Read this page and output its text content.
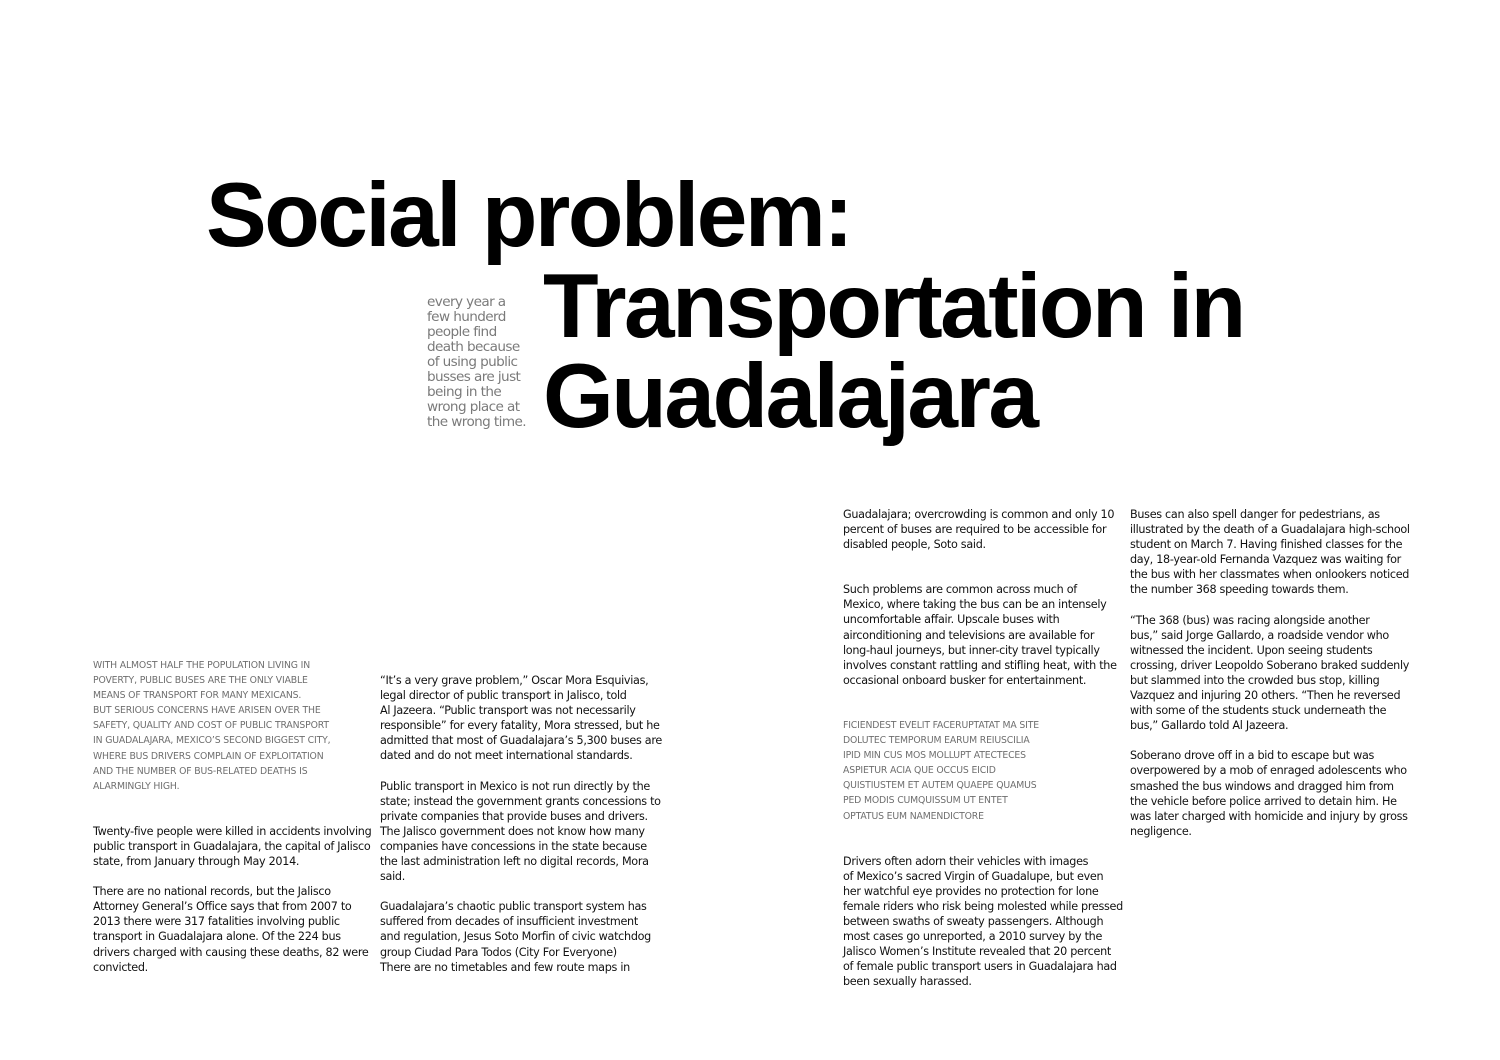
Social problem:
Transportation in
Guadalajara
every year a
few hunderd
people find
death because
of using public
busses are just
being in the
wrong place at
the wrong time.
WITH ALMOST HALF THE POPULATION LIVING IN
POVERTY, PUBLIC BUSES ARE THE ONLY VIABLE
MEANS OF TRANSPORT FOR MANY MEXICANS.
BUT SERIOUS CONCERNS HAVE ARISEN OVER THE
SAFETY, QUALITY AND COST OF PUBLIC TRANSPORT
IN GUADALAJARA, MEXICO’S SECOND BIGGEST CITY,
WHERE BUS DRIVERS COMPLAIN OF EXPLOITATION
AND THE NUMBER OF BUS-RELATED DEATHS IS
ALARMINGLY HIGH.

Twenty-five people were killed in accidents involving
public transport in Guadalajara, the capital of Jalisco
state, from January through May 2014.

There are no national records, but the Jalisco
Attorney General’s Office says that from 2007 to
2013 there were 317 fatalities involving public
transport in Guadalajara alone. Of the 224 bus
drivers charged with causing these deaths, 82 were
convicted.

“It’s a very grave problem,” Oscar Mora Esquivias,
legal director of public transport in Jalisco, told
Al Jazeera. “Public transport was not necessarily
responsible” for every fatality, Mora stressed, but he
admitted that most of Guadalajara’s 5,300 buses are
dated and do not meet international standards.

Public transport in Mexico is not run directly by the
state; instead the government grants concessions to
private companies that provide buses and drivers.
The Jalisco government does not know how many
companies have concessions in the state because
the last administration left no digital records, Mora
said.

Guadalajara’s chaotic public transport system has
suffered from decades of insufficient investment
and regulation, Jesus Soto Morfin of civic watchdog
group Ciudad Para Todos (City For Everyone)
There are no timetables and few route maps in

Guadalajara; overcrowding is common and only 10
percent of buses are required to be accessible for
disabled people, Soto said.

Such problems are common across much of
Mexico, where taking the bus can be an intensely
uncomfortable affair. Upscale buses with
airconditioning and televisions are available for
long-haul journeys, but inner-city travel typically
involves constant rattling and stifling heat, with the
occasional onboard busker for entertainment.

FICIENDEST EVELIT FACERUPTATAT MA SITE
DOLUTEC TEMPORUM EARUM REIUSCILIA
IPID MIN CUS MOS MOLLUPT ATECTECES
ASPIETUR ACIA QUE OCCUS EICID
QUISTIUSTEM ET AUTEM QUAEPE QUAMUS
PED MODIS CUMQUISSUM UT ENTET
OPTATUS EUM NAMENDICTORE

Drivers often adorn their vehicles with images
of Mexico’s sacred Virgin of Guadalupe, but even
her watchful eye provides no protection for lone
female riders who risk being molested while pressed
between swaths of sweaty passengers. Although
most cases go unreported, a 2010 survey by the
Jalisco Women’s Institute revealed that 20 percent
of female public transport users in Guadalajara had
been sexually harassed.

Buses can also spell danger for pedestrians, as
illustrated by the death of a Guadalajara high-school
student on March 7. Having finished classes for the
day, 18-year-old Fernanda Vazquez was waiting for
the bus with her classmates when onlookers noticed
the number 368 speeding towards them.

“The 368 (bus) was racing alongside another
bus,” said Jorge Gallardo, a roadside vendor who
witnessed the incident. Upon seeing students
crossing, driver Leopoldo Soberano braked suddenly
but slammed into the crowded bus stop, killing
Vazquez and injuring 20 others. “Then he reversed
with some of the students stuck underneath the
bus,” Gallardo told Al Jazeera.

Soberano drove off in a bid to escape but was
overpowered by a mob of enraged adolescents who
smashed the bus windows and dragged him from
the vehicle before police arrived to detain him. He
was later charged with homicide and injury by gross
negligence.
